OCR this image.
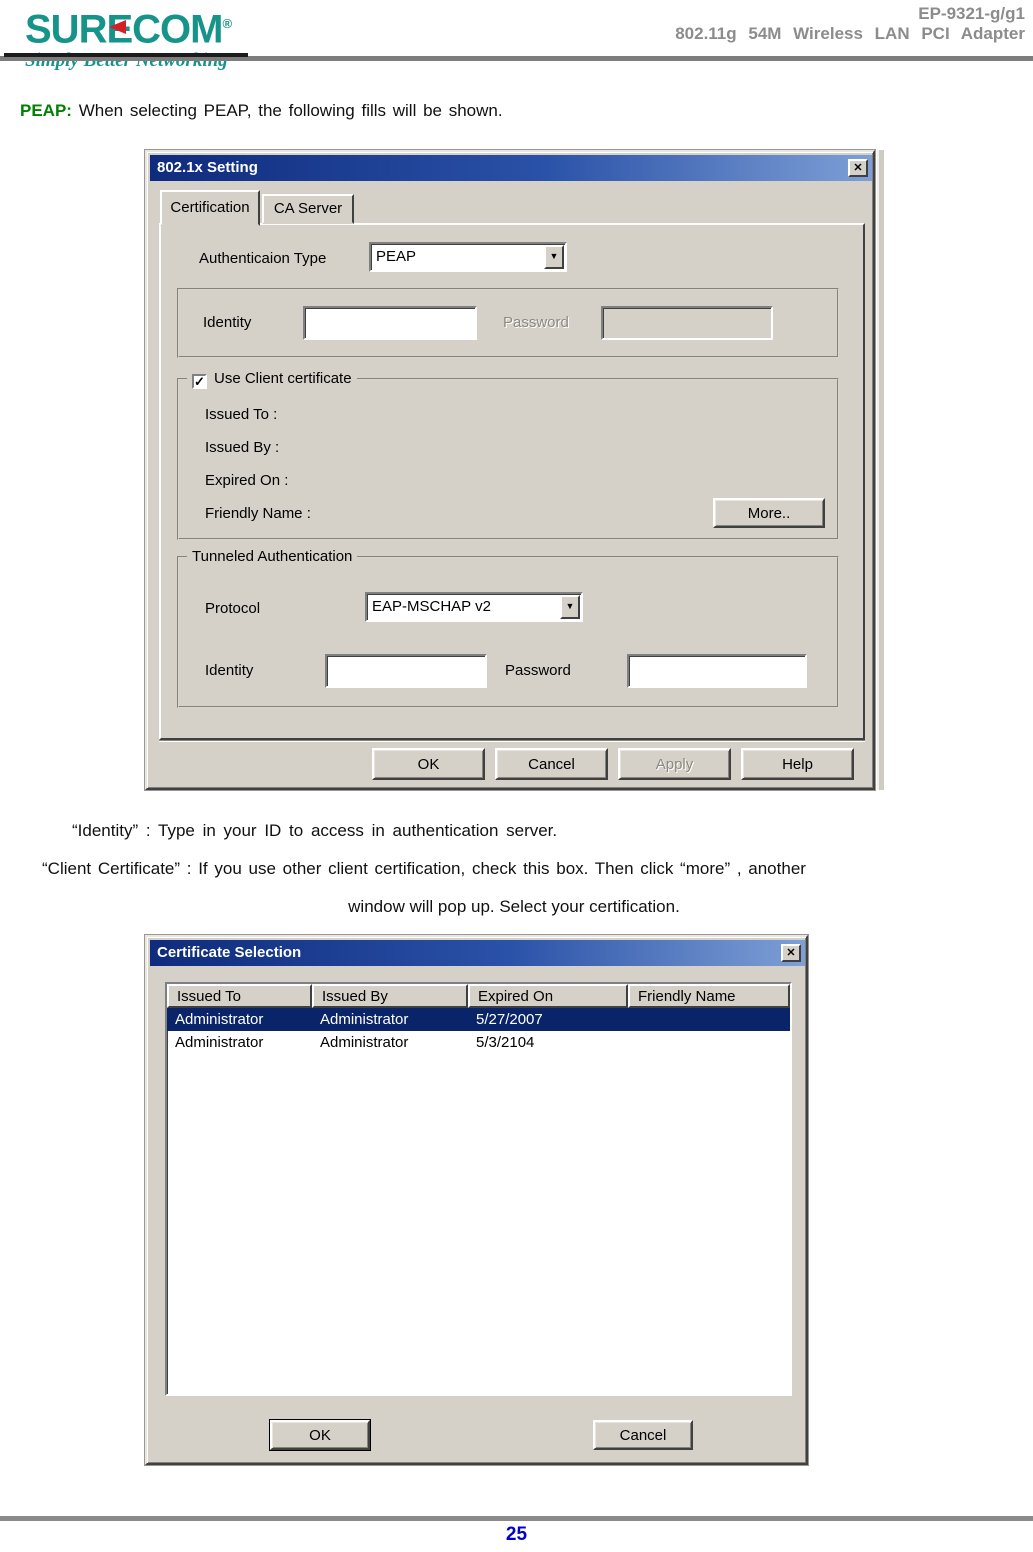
SURECOM®
EP-9321-g/g1
802.11g 54M Wireless LAN PCI Adapter
PEAP: When selecting PEAP, the following fills will be shown.
802.1x Setting	✕
Certification	CA Server
Authenticaion Type	PEAP	▼
Identity	Password
✓ Use Client certificate
Issued To :
Issued By :
Expired On :
Friendly Name :	More..
Tunneled Authentication
Protocol	EAP-MSCHAP v2	▼
Identity	Password
OK	Cancel	Apply	Help
“Identity” : Type in your ID to access in authentication server.
“Client Certificate” : If you use other client certification, check this box. Then click “more” , another
window will pop up. Select your certification.
Certificate Selection	✕
Issued To	Issued By	Expired On	Friendly Name
Administrator	Administrator	5/27/2007
Administrator	Administrator	5/3/2104
OK	Cancel
25
